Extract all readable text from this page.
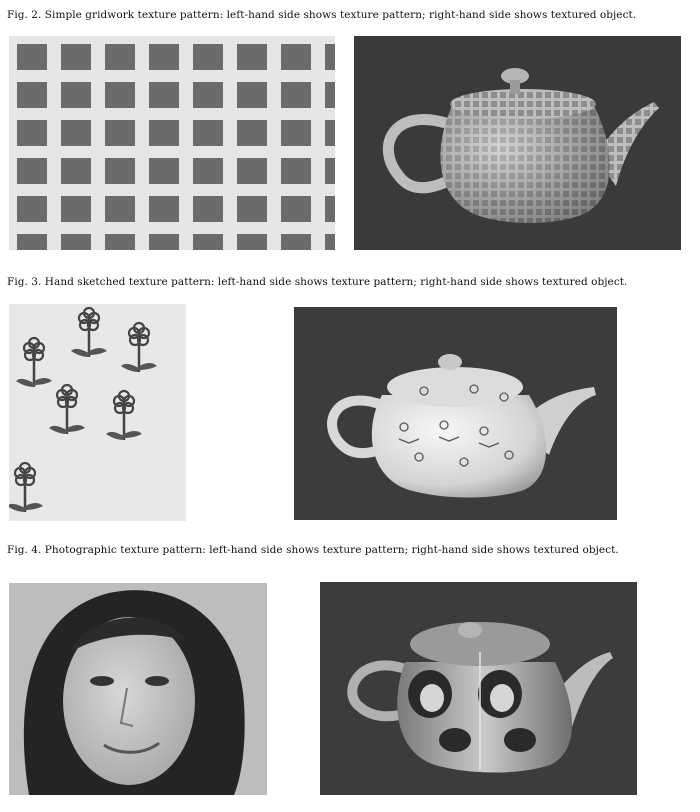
Fig. 2. Simple gridwork texture pattern: left-hand side shows texture pattern; right-hand side shows textured object.
Fig. 3. Hand sketched texture pattern: left-hand side shows texture pattern; right-hand side shows textured object.
Fig. 4. Photographic texture pattern: left-hand side shows texture pattern; right-hand side shows textured object.
